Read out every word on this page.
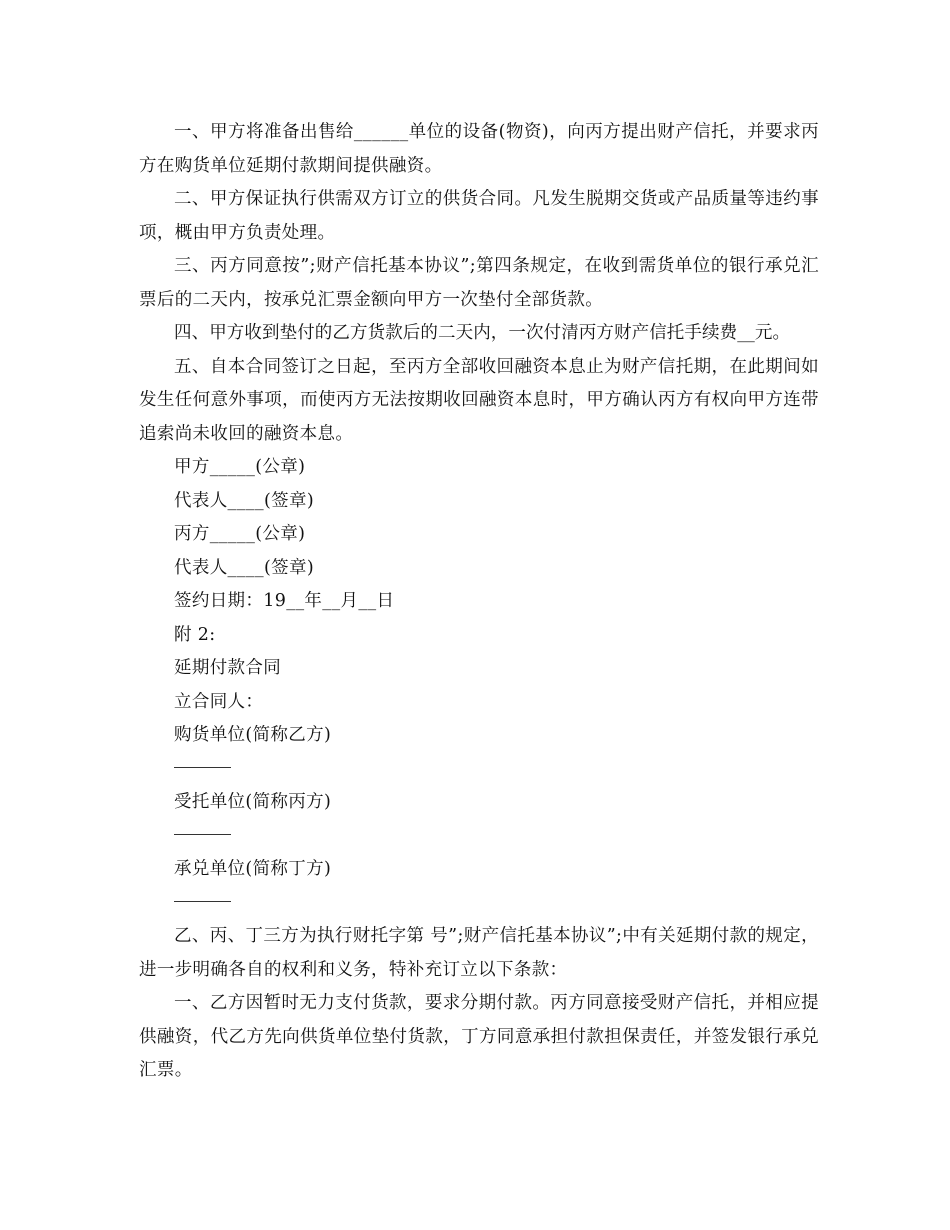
一、甲方将准备出售给______单位的设备(物资)，向丙方提出财产信托，并要求丙方在购货单位延期付款期间提供融资。

二、甲方保证执行供需双方订立的供货合同。凡发生脱期交货或产品质量等违约事项，概由甲方负责处理。

三、丙方同意按”;财产信托基本协议”;第四条规定，在收到需货单位的银行承兑汇票后的二天内，按承兑汇票金额向甲方一次垫付全部货款。

四、甲方收到垫付的乙方货款后的二天内，一次付清丙方财产信托手续费__元。

五、自本合同签订之日起，至丙方全部收回融资本息止为财产信托期，在此期间如发生任何意外事项，而使丙方无法按期收回融资本息时，甲方确认丙方有权向甲方连带追索尚未收回的融资本息。

甲方_____(公章)

代表人____(签章)

丙方_____(公章)

代表人____(签章)

签约日期：19__年__月__日

附 2:

延期付款合同

立合同人：

购货单位(简称乙方)

受托单位(简称丙方)

承兑单位(简称丁方)

乙、丙、丁三方为执行财托字第 号”;财产信托基本协议”;中有关延期付款的规定，进一步明确各自的权利和义务，特补充订立以下条款：

一、乙方因暂时无力支付货款，要求分期付款。丙方同意接受财产信托，并相应提供融资，代乙方先向供货单位垫付货款，丁方同意承担付款担保责任，并签发银行承兑汇票。
